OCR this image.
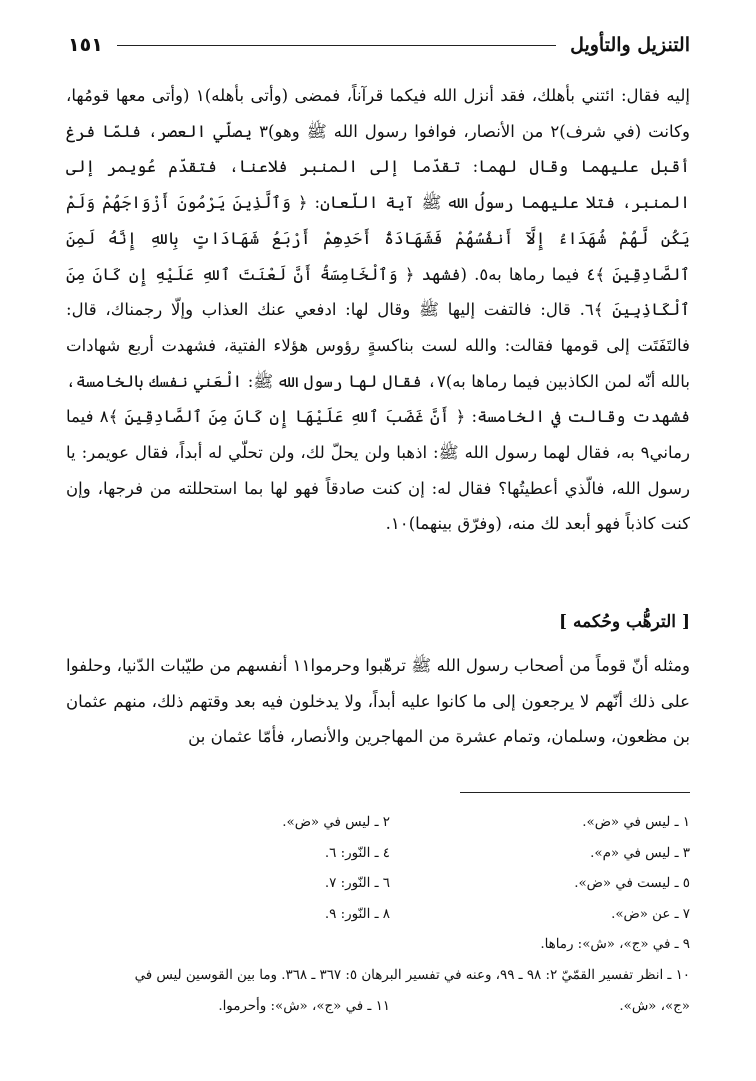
١٥١	التنزيل والتأويل

إليه فقال: ائتني بأهلك، فقد أنزل الله فيكما قرآناً، فمضى (وأتى بأهله)١ (وأتى معها قومُها، وكانت (في شرف)٢ من الأنصار، فوافوا رسول الله ﷺ وهو)٣ يصلّي العصر، فلمّا فرغ أقبل عليهما وقال لهما: تقدّما إلى المنبر فلاعنا، فتقدّم عُويمر إلى المنبر، فتلا عليهما رسولُ الله ﷺ آية اللّعان: ﴿ وَٱلَّذِينَ يَرْمُونَ أَزْوَاجَهُمْ وَلَمْ يَكُن لَّهُمْ شُهَدَاءُ إِلَّآ أَنفُسُهُمْ فَشَهَادَةُ أَحَدِهِمْ أَرْبَعُ شَهَادَاتٍ بِاللهِ إِنَّهُ لَمِنَ ٱلصَّادِقِينَ ﴾٤ فيما رماها به٥. (فشهد ﴿ وَٱلْخَامِسَةُ أَنَّ لَعْنَتَ ٱللهِ عَلَيْهِ إِن كَانَ مِنَ ٱلْكَاذِبِينَ ﴾٦. قال: فالتفت إليها ﷺ وقال لها: ادفعي عنك العذاب وإلّا رجمناك، قال: فالتَفَتَت إلى قومها فقالت: والله لست بناكسةٍ رؤوس هؤلاء الفتية، فشهدت أربع شهادات بالله أنّه لمن الكاذبين فيما رماها به)٧، فقال لها رسول الله ﷺ: الْعَني نفسك بالخامسة، فشهدت وقالت في الخامسة: ﴿ أَنَّ غَضَبَ ٱللهِ عَلَيْهَا إِن كَانَ مِنَ ٱلصَّادِقِينَ ﴾٨ فيما رماني٩ به، فقال لهما رسول الله ﷺ: اذهبا ولن يحلّ لك، ولن تحلّي له أبداً، فقال عويمر: يا رسول الله، فالّذي أعطيتُها؟ فقال له: إن كنت صادقاً فهو لها بما استحللته من فرجها، وإن كنت كاذباً فهو أبعد لك منه، (وفرّق بينهما)١٠.

[ الترهُّب وحُكمه ]

ومثله أنّ قوماً من أصحاب رسول الله ﷺ ترهّبوا وحرموا١١ أنفسهم من طيّبات الدّنيا، وحلفوا على ذلك أنّهم لا يرجعون إلى ما كانوا عليه أبداً، ولا يدخلون فيه بعد وقتهم ذلك، منهم عثمان بن مظعون، وسلمان، وتمام عشرة من المهاجرين والأنصار، فأمّا عثمان بن

١ ـ ليس في «ض».
٢ ـ ليس في «ض».
٣ ـ ليس في «م».
٤ ـ النّور: ٦.
٥ ـ ليست في «ض».
٦ ـ النّور: ٧.
٧ ـ عن «ض».
٨ ـ النّور: ٩.
٩ ـ في «ج»، «ش»: رماها.
١٠ ـ انظر تفسير القمّيّ ٢: ٩٨ ـ ٩٩، وعنه في تفسير البرهان ٥: ٣٦٧ ـ ٣٦٨. وما بين القوسين ليس في
«ج»، «ش».
١١ ـ في «ج»، «ش»: وأحرموا.
